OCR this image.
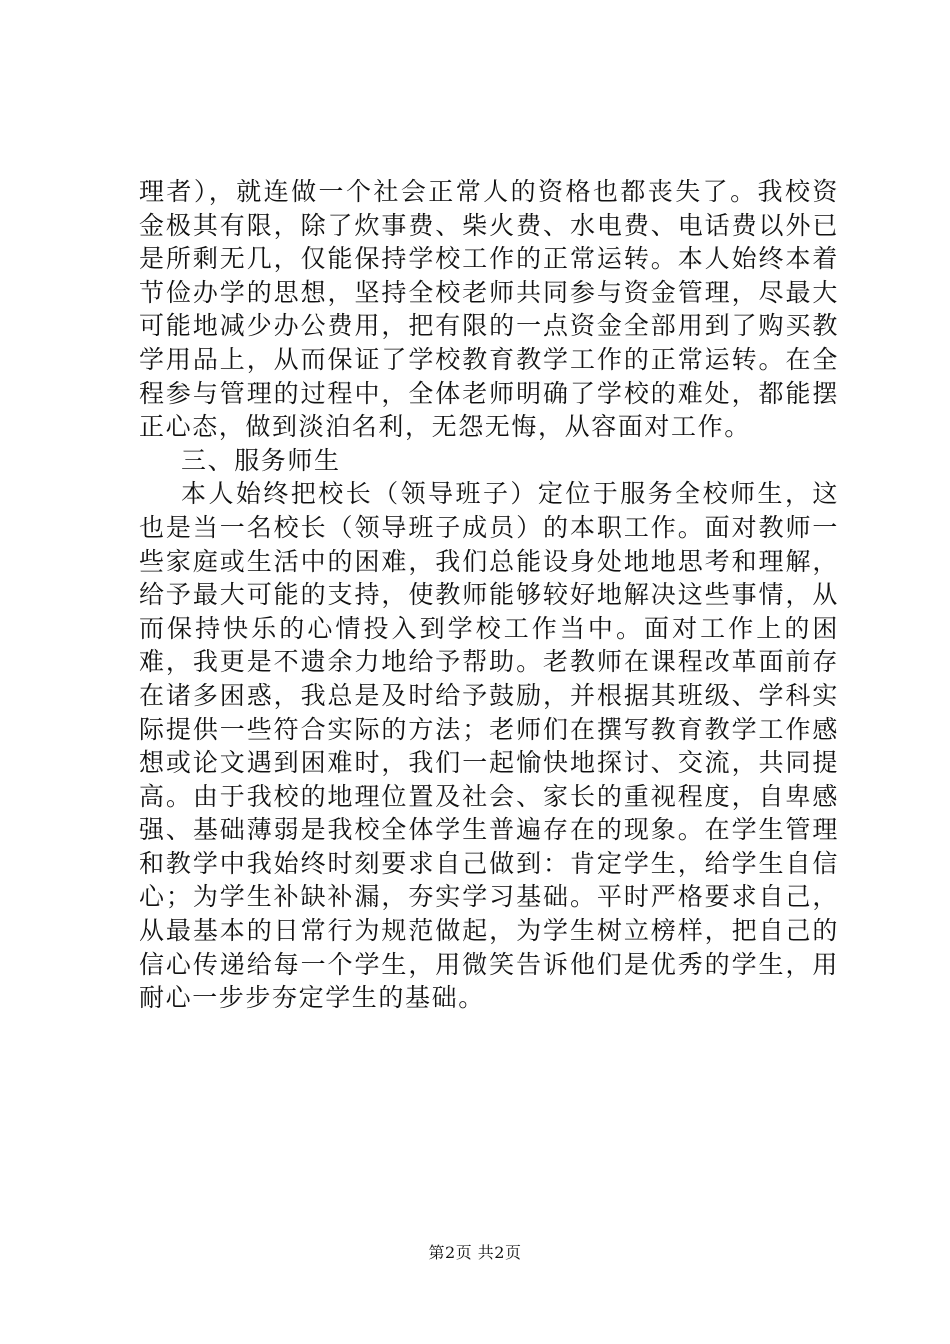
理者），就连做一个社会正常人的资格也都丧失了。我校资金极其有限，除了炊事费、柴火费、水电费、电话费以外已是所剩无几，仅能保持学校工作的正常运转。本人始终本着节俭办学的思想，坚持全校老师共同参与资金管理，尽最大可能地减少办公费用，把有限的一点资金全部用到了购买教学用品上，从而保证了学校教育教学工作的正常运转。在全程参与管理的过程中，全体老师明确了学校的难处，都能摆正心态，做到淡泊名利，无怨无悔，从容面对工作。

三、服务师生

本人始终把校长（领导班子）定位于服务全校师生，这也是当一名校长（领导班子成员）的本职工作。面对教师一些家庭或生活中的困难，我们总能设身处地地思考和理解，给予最大可能的支持，使教师能够较好地解决这些事情，从而保持快乐的心情投入到学校工作当中。面对工作上的困难，我更是不遗余力地给予帮助。老教师在课程改革面前存在诸多困惑，我总是及时给予鼓励，并根据其班级、学科实际提供一些符合实际的方法；老师们在撰写教育教学工作感想或论文遇到困难时，我们一起愉快地探讨、交流，共同提高。由于我校的地理位置及社会、家长的重视程度，自卑感强、基础薄弱是我校全体学生普遍存在的现象。在学生管理和教学中我始终时刻要求自己做到：肯定学生，给学生自信心；为学生补缺补漏，夯实学习基础。平时严格要求自己，从最基本的日常行为规范做起，为学生树立榜样，把自己的信心传递给每一个学生，用微笑告诉他们是优秀的学生，用耐心一步步夯定学生的基础。

第2页 共2页
